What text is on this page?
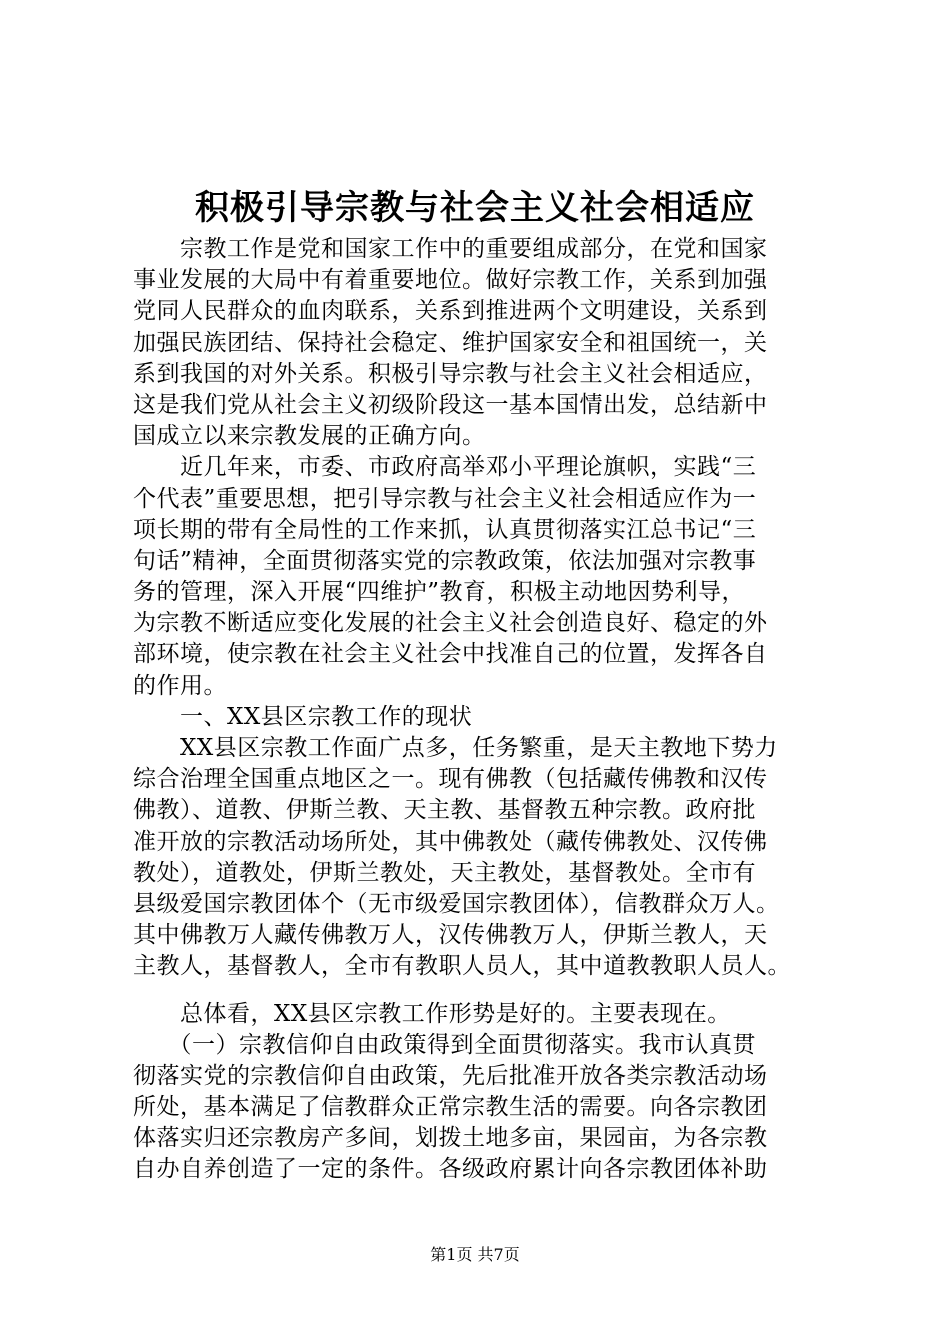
积极引导宗教与社会主义社会相适应
　　宗教工作是党和国家工作中的重要组成部分，在党和国家
事业发展的大局中有着重要地位。做好宗教工作，关系到加强
党同人民群众的血肉联系，关系到推进两个文明建设，关系到
加强民族团结、保持社会稳定、维护国家安全和祖国统一，关
系到我国的对外关系。积极引导宗教与社会主义社会相适应，
这是我们党从社会主义初级阶段这一基本国情出发，总结新中
国成立以来宗教发展的正确方向。
　　近几年来，市委、市政府高举邓小平理论旗帜，实践“三
个代表”重要思想，把引导宗教与社会主义社会相适应作为一
项长期的带有全局性的工作来抓，认真贯彻落实江总书记“三
句话”精神，全面贯彻落实党的宗教政策，依法加强对宗教事
务的管理，深入开展“四维护”教育，积极主动地因势利导，
为宗教不断适应变化发展的社会主义社会创造良好、稳定的外
部环境，使宗教在社会主义社会中找准自己的位置，发挥各自
的作用。
　　一、XX县区宗教工作的现状
　　XX县区宗教工作面广点多，任务繁重，是天主教地下势力
综合治理全国重点地区之一。现有佛教（包括藏传佛教和汉传
佛教）、道教、伊斯兰教、天主教、基督教五种宗教。政府批
准开放的宗教活动场所处，其中佛教处（藏传佛教处、汉传佛
教处），道教处，伊斯兰教处，天主教处，基督教处。全市有
县级爱国宗教团体个（无市级爱国宗教团体），信教群众万人。
其中佛教万人藏传佛教万人，汉传佛教万人，伊斯兰教人，天
主教人，基督教人，全市有教职人员人，其中道教教职人员人。
　　总体看，XX县区宗教工作形势是好的。主要表现在。
　　（一）宗教信仰自由政策得到全面贯彻落实。我市认真贯
彻落实党的宗教信仰自由政策，先后批准开放各类宗教活动场
所处，基本满足了信教群众正常宗教生活的需要。向各宗教团
体落实归还宗教房产多间，划拨土地多亩，果园亩，为各宗教
自办自养创造了一定的条件。各级政府累计向各宗教团体补助
第1页 共7页
